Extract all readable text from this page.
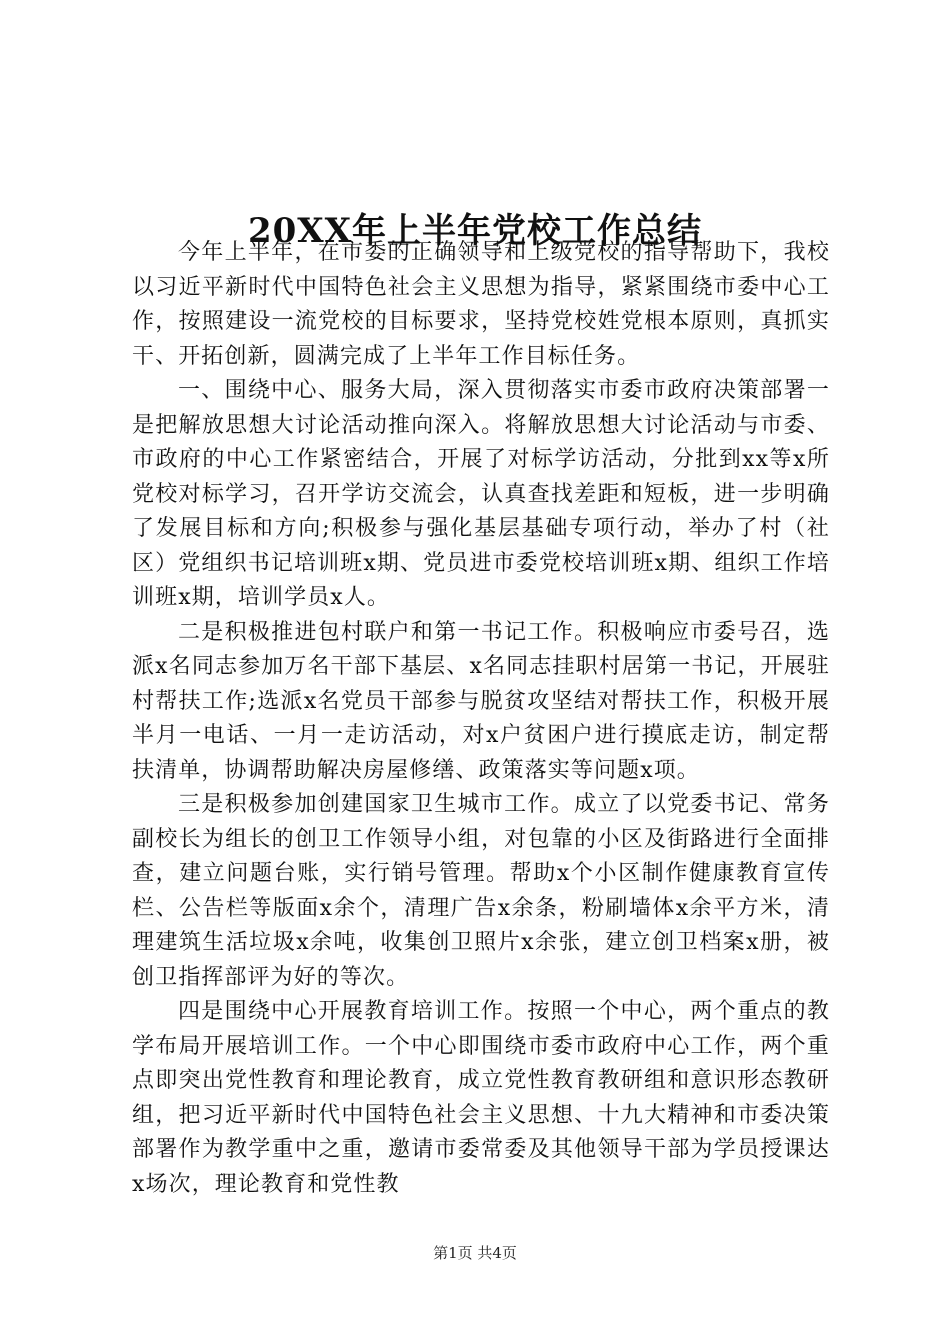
20XX年上半年党校工作总结

今年上半年，在市委的正确领导和上级党校的指导帮助下，我校以习近平新时代中国特色社会主义思想为指导，紧紧围绕市委中心工作，按照建设一流党校的目标要求，坚持党校姓党根本原则，真抓实干、开拓创新，圆满完成了上半年工作目标任务。

一、围绕中心、服务大局，深入贯彻落实市委市政府决策部署一是把解放思想大讨论活动推向深入。将解放思想大讨论活动与市委、市政府的中心工作紧密结合，开展了对标学访活动，分批到xx等x所党校对标学习，召开学访交流会，认真查找差距和短板，进一步明确了发展目标和方向;积极参与强化基层基础专项行动，举办了村（社区）党组织书记培训班x期、党员进市委党校培训班x期、组织工作培训班x期，培训学员x人。

二是积极推进包村联户和第一书记工作。积极响应市委号召，选派x名同志参加万名干部下基层、x名同志挂职村居第一书记，开展驻村帮扶工作;选派x名党员干部参与脱贫攻坚结对帮扶工作，积极开展半月一电话、一月一走访活动，对x户贫困户进行摸底走访，制定帮扶清单，协调帮助解决房屋修缮、政策落实等问题x项。

三是积极参加创建国家卫生城市工作。成立了以党委书记、常务副校长为组长的创卫工作领导小组，对包靠的小区及街路进行全面排查，建立问题台账，实行销号管理。帮助x个小区制作健康教育宣传栏、公告栏等版面x余个，清理广告x余条，粉刷墙体x余平方米，清理建筑生活垃圾x余吨，收集创卫照片x余张，建立创卫档案x册，被创卫指挥部评为好的等次。

四是围绕中心开展教育培训工作。按照一个中心，两个重点的教学布局开展培训工作。一个中心即围绕市委市政府中心工作，两个重点即突出党性教育和理论教育，成立党性教育教研组和意识形态教研组，把习近平新时代中国特色社会主义思想、十九大精神和市委决策部署作为教学重中之重，邀请市委常委及其他领导干部为学员授课达x场次，理论教育和党性教

第1页 共4页
